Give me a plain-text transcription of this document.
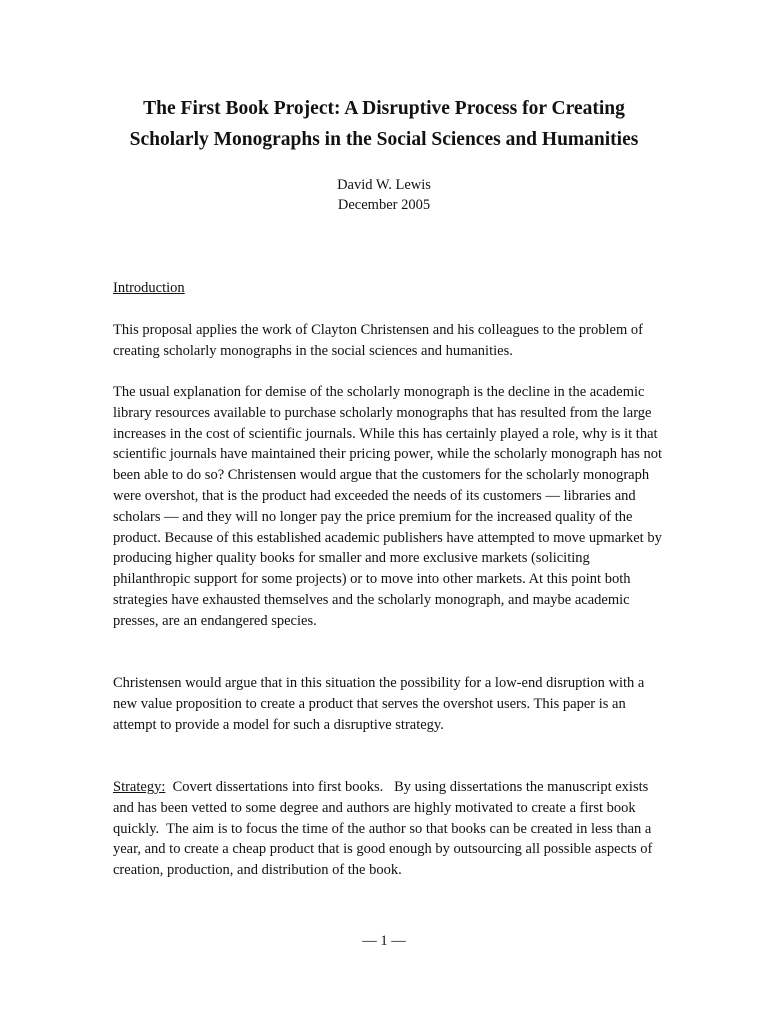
The First Book Project: A Disruptive Process for Creating
Scholarly Monographs in the Social Sciences and Humanities
David W. Lewis
December 2005

Introduction

This proposal applies the work of Clayton Christensen and his colleagues to the problem of creating scholarly monographs in the social sciences and humanities.

The usual explanation for demise of the scholarly monograph is the decline in the academic library resources available to purchase scholarly monographs that has resulted from the large increases in the cost of scientific journals. While this has certainly played a role, why is it that scientific journals have maintained their pricing power, while the scholarly monograph has not been able to do so? Christensen would argue that the customers for the scholarly monograph were overshot, that is the product had exceeded the needs of its customers — libraries and scholars — and they will no longer pay the price premium for the increased quality of the product. Because of this established academic publishers have attempted to move upmarket by producing higher quality books for smaller and more exclusive markets (soliciting philanthropic support for some projects) or to move into other markets. At this point both strategies have exhausted themselves and the scholarly monograph, and maybe academic presses, are an endangered species.

Christensen would argue that in this situation the possibility for a low-end disruption with a new value proposition to create a product that serves the overshot users. This paper is an attempt to provide a model for such a disruptive strategy.

Strategy:  Covert dissertations into first books.   By using dissertations the manuscript exists and has been vetted to some degree and authors are highly motivated to create a first book quickly.  The aim is to focus the time of the author so that books can be created in less than a year, and to create a cheap product that is good enough by outsourcing all possible aspects of creation, production, and distribution of the book.

— 1 —
